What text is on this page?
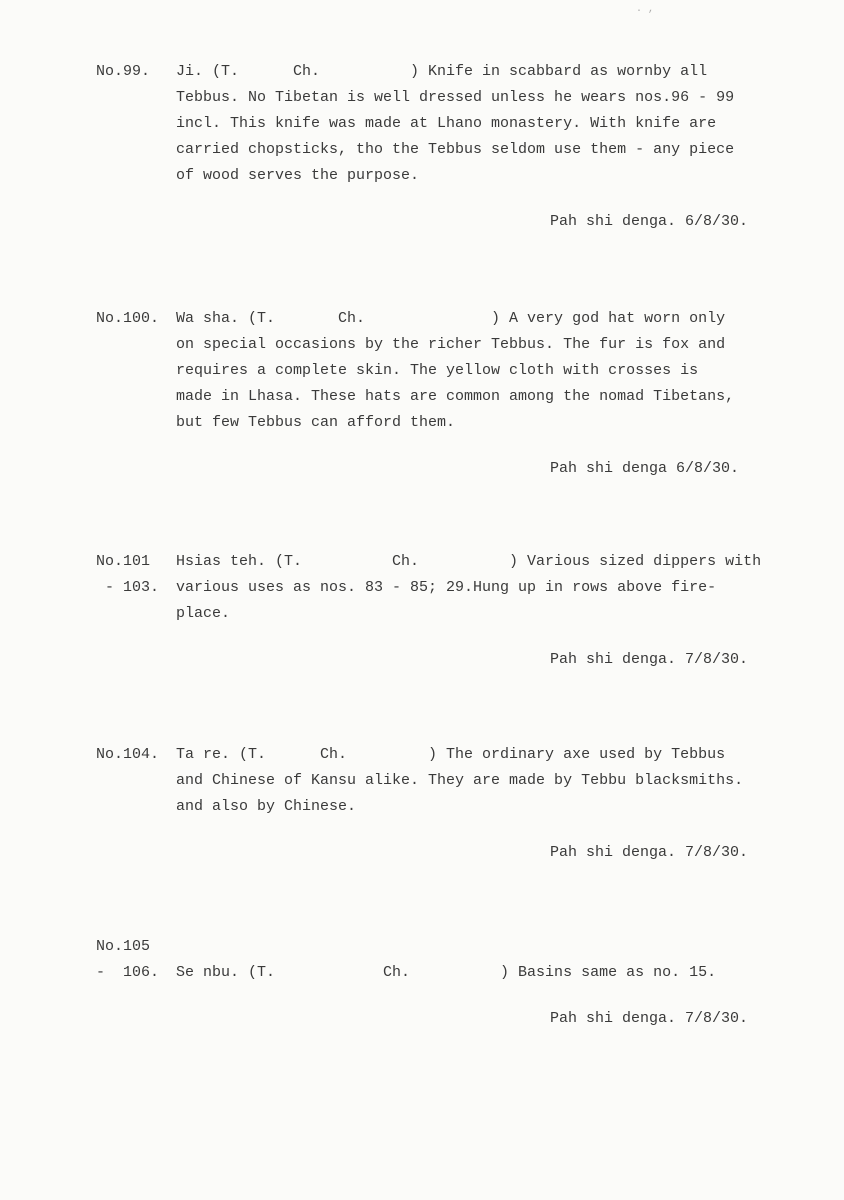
. ,
No.99. Ji. (T.      Ch.          ) Knife in scabbard as wornby all
Tebbus. No Tibetan is well dressed unless he wears nos.96 - 99
incl. This knife was made at Lhano monastery. With knife are
carried chopsticks, tho the Tebbus seldom use them - any piece
of wood serves the purpose.
Pah shi denga. 6/8/30.
No.100. Wa sha. (T.       Ch.              ) A very god hat worn only
on special occasions by the richer Tebbus. The fur is fox and
requires a complete skin. The yellow cloth with crosses is
made in Lhasa. These hats are common among the nomad Tibetans,
but few Tebbus can afford them.
Pah shi denga 6/8/30.
No.101 Hsias teh. (T.          Ch.          ) Various sized dippers with
- 103. various uses as nos. 83 - 85; 29.Hung up in rows above fire-
place.
Pah shi denga. 7/8/30.
No.104. Ta re. (T.      Ch.         ) The ordinary axe used by Tebbus
and Chinese of Kansu alike. They are made by Tebbu blacksmiths.
and also by Chinese.
Pah shi denga. 7/8/30.
No.105
-  106. Se nbu. (T.            Ch.          ) Basins same as no. 15.
Pah shi denga. 7/8/30.
